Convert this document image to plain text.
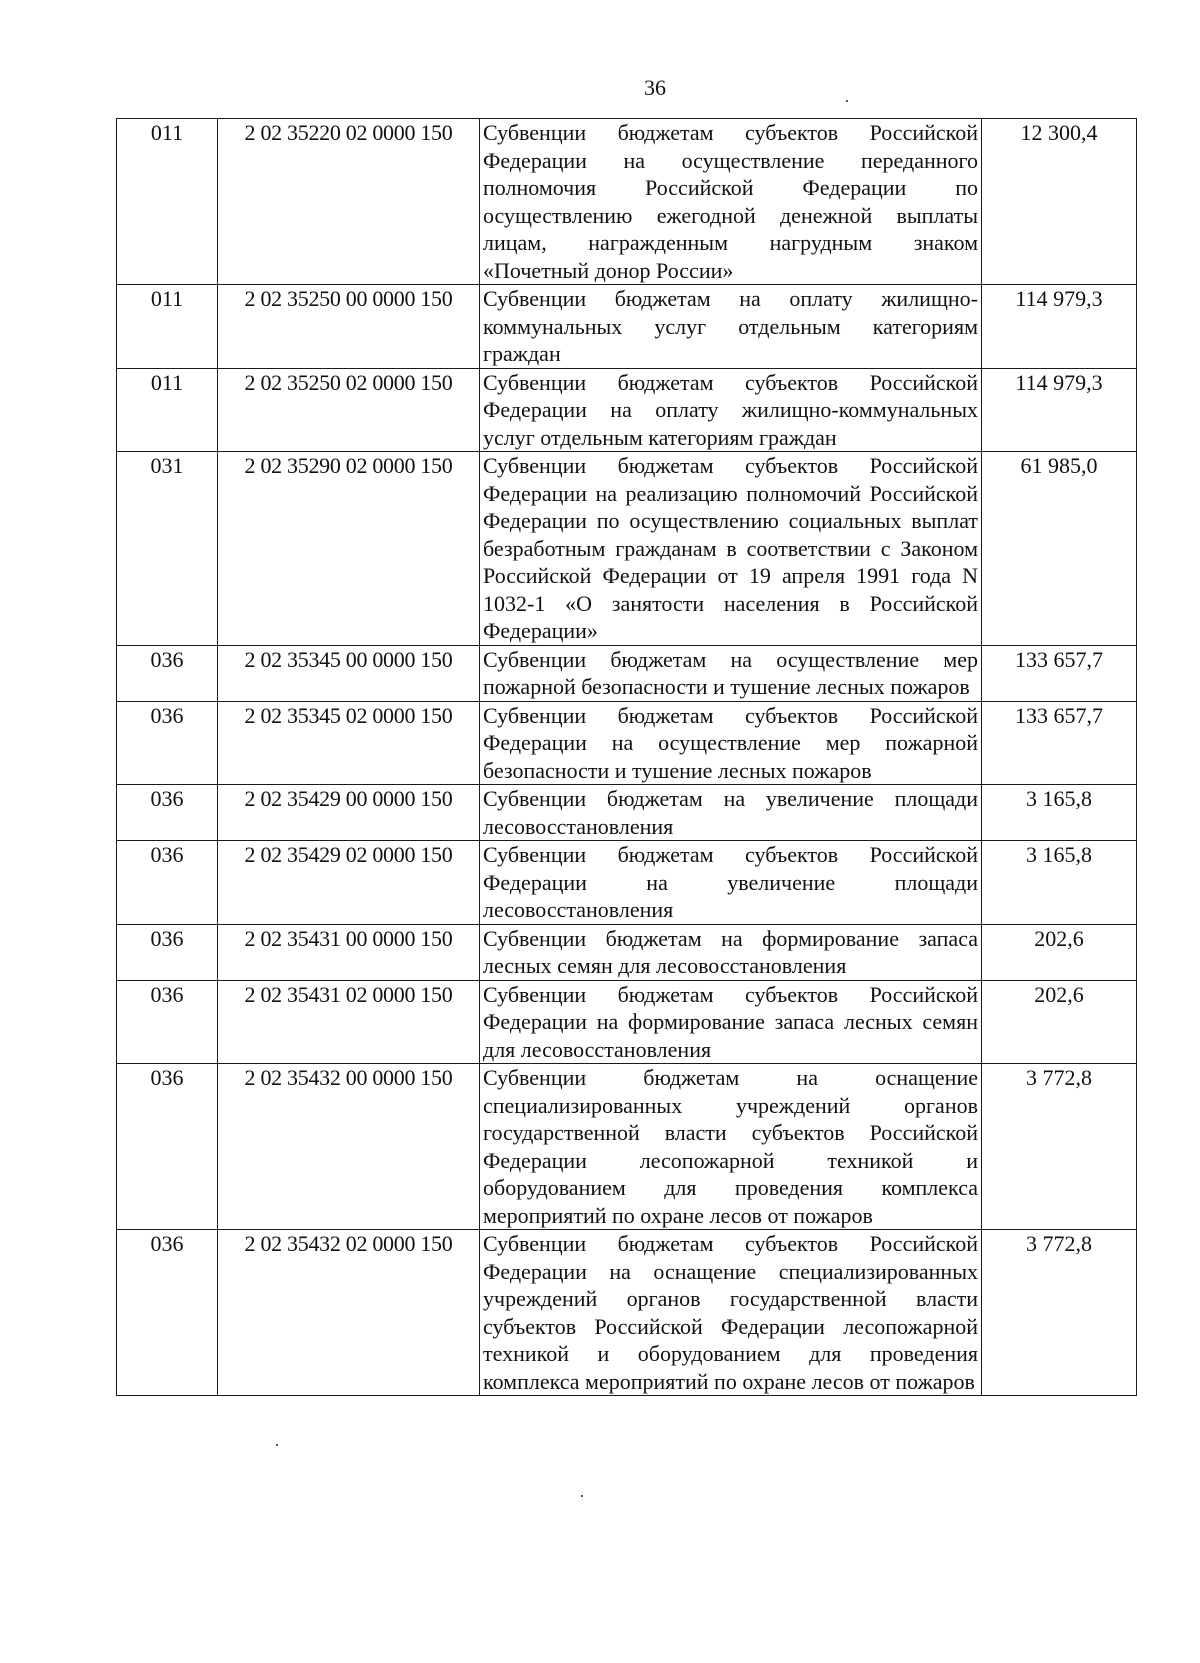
36
011	2 02 35220 02 0000 150	Субвенции бюджетам субъектов Российской Федерации на осуществление переданного полномочия Российской Федерации по осуществлению ежегодной денежной выплаты лицам, награжденным нагрудным знаком «Почетный донор России»	12 300,4
011	2 02 35250 00 0000 150	Субвенции бюджетам на оплату жилищно-коммунальных услуг отдельным категориям граждан	114 979,3
011	2 02 35250 02 0000 150	Субвенции бюджетам субъектов Российской Федерации на оплату жилищно-коммунальных услуг отдельным категориям граждан	114 979,3
031	2 02 35290 02 0000 150	Субвенции бюджетам субъектов Российской Федерации на реализацию полномочий Российской Федерации по осуществлению социальных выплат безработным гражданам в соответствии с Законом Российской Федерации от 19 апреля 1991 года N 1032-1 «О занятости населения в Российской Федерации»	61 985,0
036	2 02 35345 00 0000 150	Субвенции бюджетам на осуществление мер пожарной безопасности и тушение лесных пожаров	133 657,7
036	2 02 35345 02 0000 150	Субвенции бюджетам субъектов Российской Федерации на осуществление мер пожарной безопасности и тушение лесных пожаров	133 657,7
036	2 02 35429 00 0000 150	Субвенции бюджетам на увеличение площади лесовосстановления	3 165,8
036	2 02 35429 02 0000 150	Субвенции бюджетам субъектов Российской Федерации на увеличение площади лесовосстановления	3 165,8
036	2 02 35431 00 0000 150	Субвенции бюджетам на формирование запаса лесных семян для лесовосстановления	202,6
036	2 02 35431 02 0000 150	Субвенции бюджетам субъектов Российской Федерации на формирование запаса лесных семян для лесовосстановления	202,6
036	2 02 35432 00 0000 150	Субвенции бюджетам на оснащение специализированных учреждений органов государственной власти субъектов Российской Федерации лесопожарной техникой и оборудованием для проведения комплекса мероприятий по охране лесов от пожаров	3 772,8
036	2 02 35432 02 0000 150	Субвенции бюджетам субъектов Российской Федерации на оснащение специализированных учреждений органов государственной власти субъектов Российской Федерации лесопожарной техникой и оборудованием для проведения комплекса мероприятий по охране лесов от пожаров	3 772,8
